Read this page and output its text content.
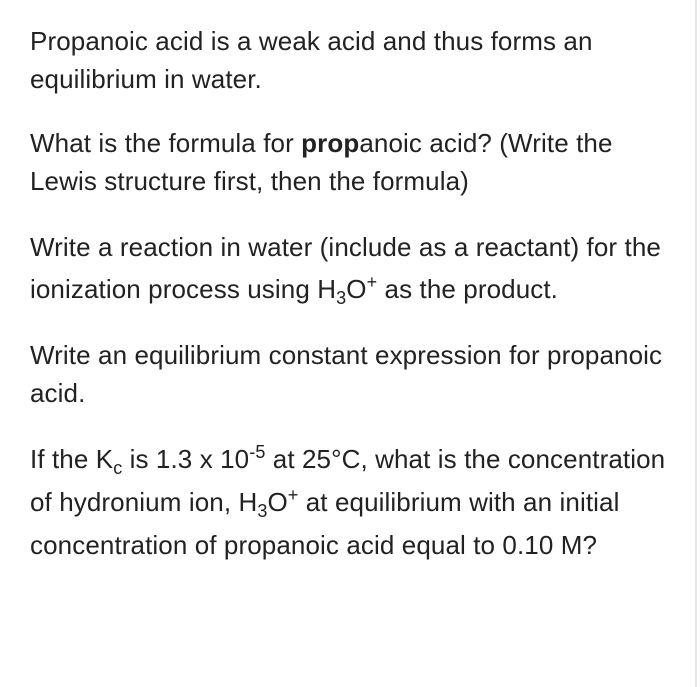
Propanoic acid is a weak acid and thus forms an equilibrium in water.

What is the formula for propanoic acid? (Write the Lewis structure first, then the formula)

Write a reaction in water (include as a reactant) for the ionization process using $H_3O^+$ as the product.

Write an equilibrium constant expression for propanoic acid.

If the $K_c$ is 1.3 x $10^{-5}$ at 25°C, what is the concentration of hydronium ion, $H_3O^+$ at equilibrium with an initial concentration of propanoic acid equal to 0.10 M?
